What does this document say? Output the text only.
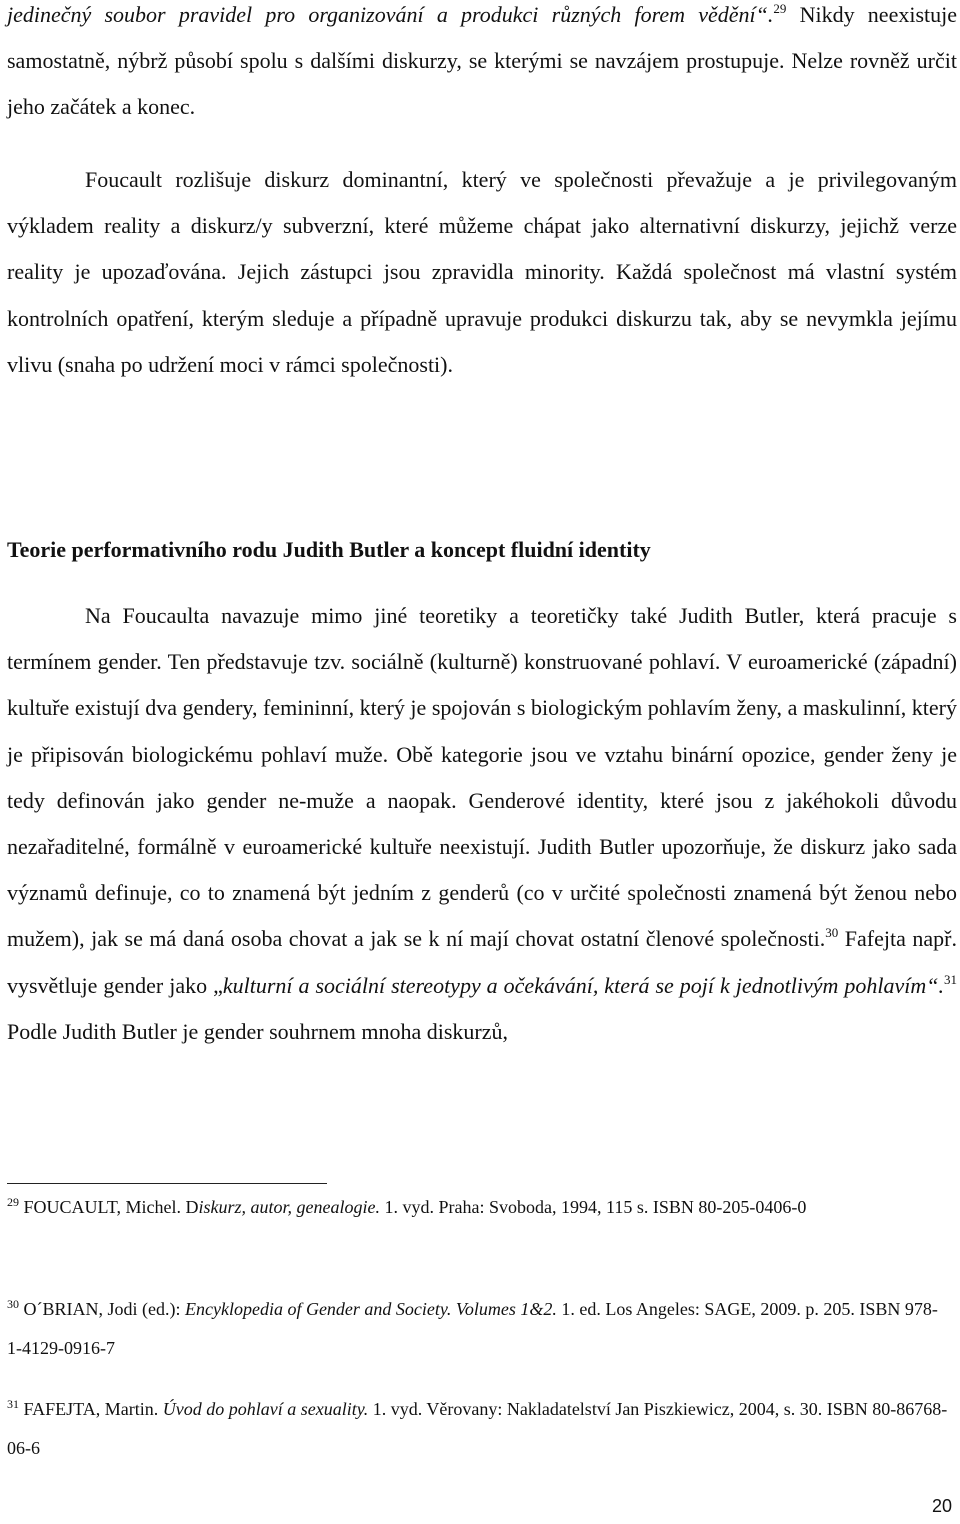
jedinečný soubor pravidel pro organizování a produkci různých forem vědění“.$^{29}$ Nikdy neexistuje samostatně, nýbrž působí spolu s dalšími diskurzy, se kterými se navzájem prostupuje. Nelze rovněž určit jeho začátek a konec.

Foucault rozlišuje diskurz dominantní, který ve společnosti převažuje a je privilegovaným výkladem reality a diskurz/y subverzní, které můžeme chápat jako alternativní diskurzy, jejichž verze reality je upozaďována. Jejich zástupci jsou zpravidla minority. Každá společnost má vlastní systém kontrolních opatření, kterým sleduje a případně upravuje produkci diskurzu tak, aby se nevymkla jejímu vlivu (snaha po udržení moci v rámci společnosti).

Teorie performativního rodu Judith Butler a koncept fluidní identity

Na Foucaulta navazuje mimo jiné teoretiky a teoretičky také Judith Butler, která pracuje s termínem gender. Ten představuje tzv. sociálně (kulturně) konstruované pohlaví. V euroamerické (západní) kultuře existují dva gendery, femininní, který je spojován s biologickým pohlavím ženy, a maskulinní, který je připisován biologickému pohlaví muže. Obě kategorie jsou ve vztahu binární opozice, gender ženy je tedy definován jako gender ne-muže a naopak. Genderové identity, které jsou z jakéhokoli důvodu nezařaditelné, formálně v euroamerické kultuře neexistují. Judith Butler upozorňuje, že diskurz jako sada významů definuje, co to znamená být jedním z genderů (co v určité společnosti znamená být ženou nebo mužem), jak se má daná osoba chovat a jak se k ní mají chovat ostatní členové společnosti.$^{30}$ Fafejta např. vysvětluje gender jako „kulturní a sociální stereotypy a očekávání, která se pojí k jednotlivým pohlavím“.$^{31}$ Podle Judith Butler je gender souhrnem mnoha diskurzů,

$^{29}$ FOUCAULT, Michel. Diskurz, autor, genealogie. 1. vyd. Praha: Svoboda, 1994, 115 s. ISBN 80-205-0406-0

$^{30}$ O´BRIAN, Jodi (ed.): Encyklopedia of Gender and Society. Volumes 1&2. 1. ed. Los Angeles: SAGE, 2009. p. 205. ISBN 978-1-4129-0916-7

$^{31}$ FAFEJTA, Martin. Úvod do pohlaví a sexuality. 1. vyd. Věrovany: Nakladatelství Jan Piszkiewicz, 2004, s. 30. ISBN 80-86768-06-6

20
